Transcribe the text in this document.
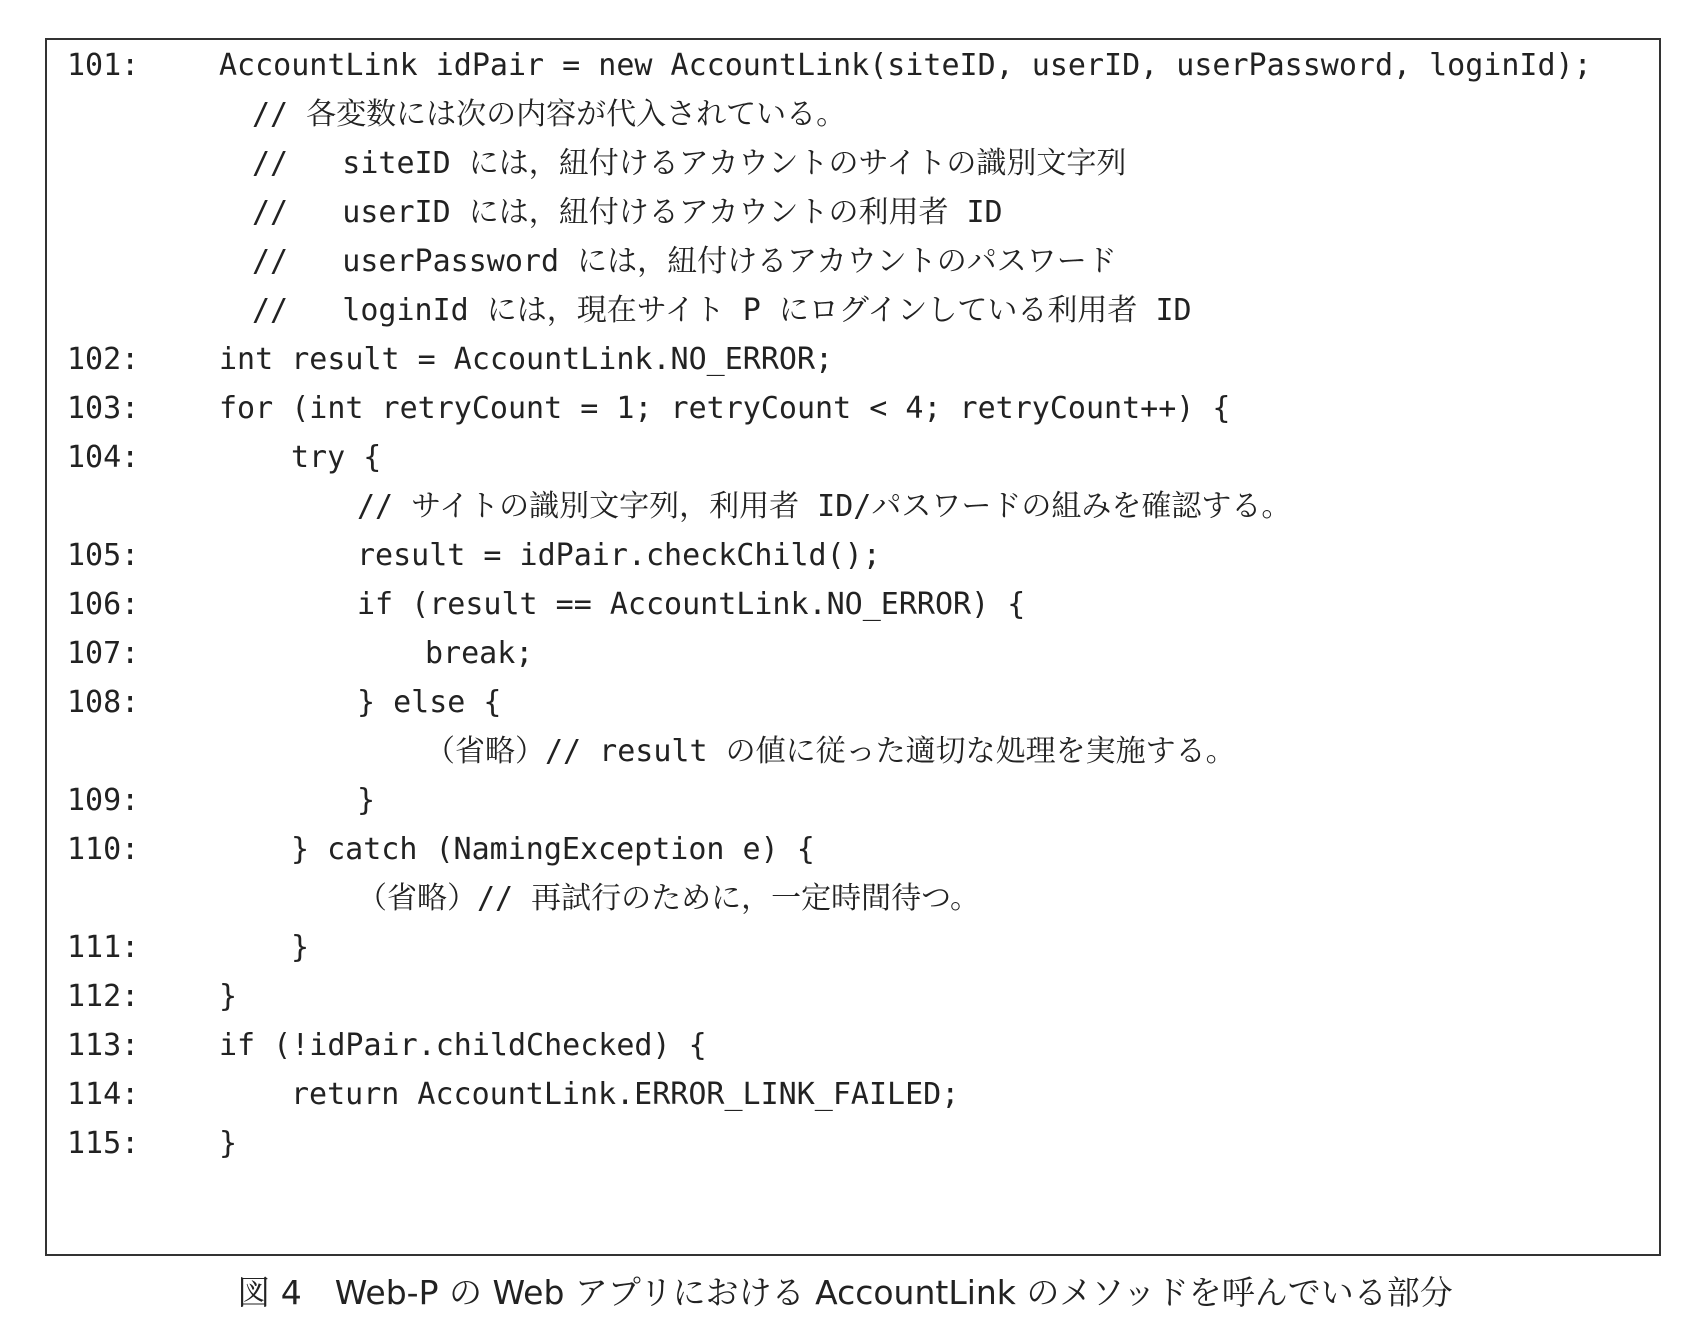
101:

	AccountLink idPair = new AccountLink(siteID, userID, userPassword, loginId);

// 各変数には次の内容が代入されている。

//   siteID には，紐付けるアカウントのサイトの識別文字列

//   userID には，紐付けるアカウントの利用者 ID

//   userPassword には，紐付けるアカウントのパスワード

//   loginId には，現在サイト P にログインしている利用者 ID

102:

	int result = AccountLink.NO_ERROR;

103:

	for (int retryCount = 1; retryCount < 4; retryCount++) {

104:

	try {

// サイトの識別文字列，利用者 ID/パスワードの組みを確認する。

105:

	result = idPair.checkChild();

106:

	if (result == AccountLink.NO_ERROR) {

107:

	break;

108:

	} else {

（省略）// result の値に従った適切な処理を実施する。

109:

	}

110:

	} catch (NamingException e) {

（省略）// 再試行のために，一定時間待つ。

111:

	}

112:

	}

113:

	if (!idPair.childChecked) {

114:

	return AccountLink.ERROR_LINK_FAILED;

115:

	}

図 4　Web-P の Web アプリにおける AccountLink のメソッドを呼んでいる部分
